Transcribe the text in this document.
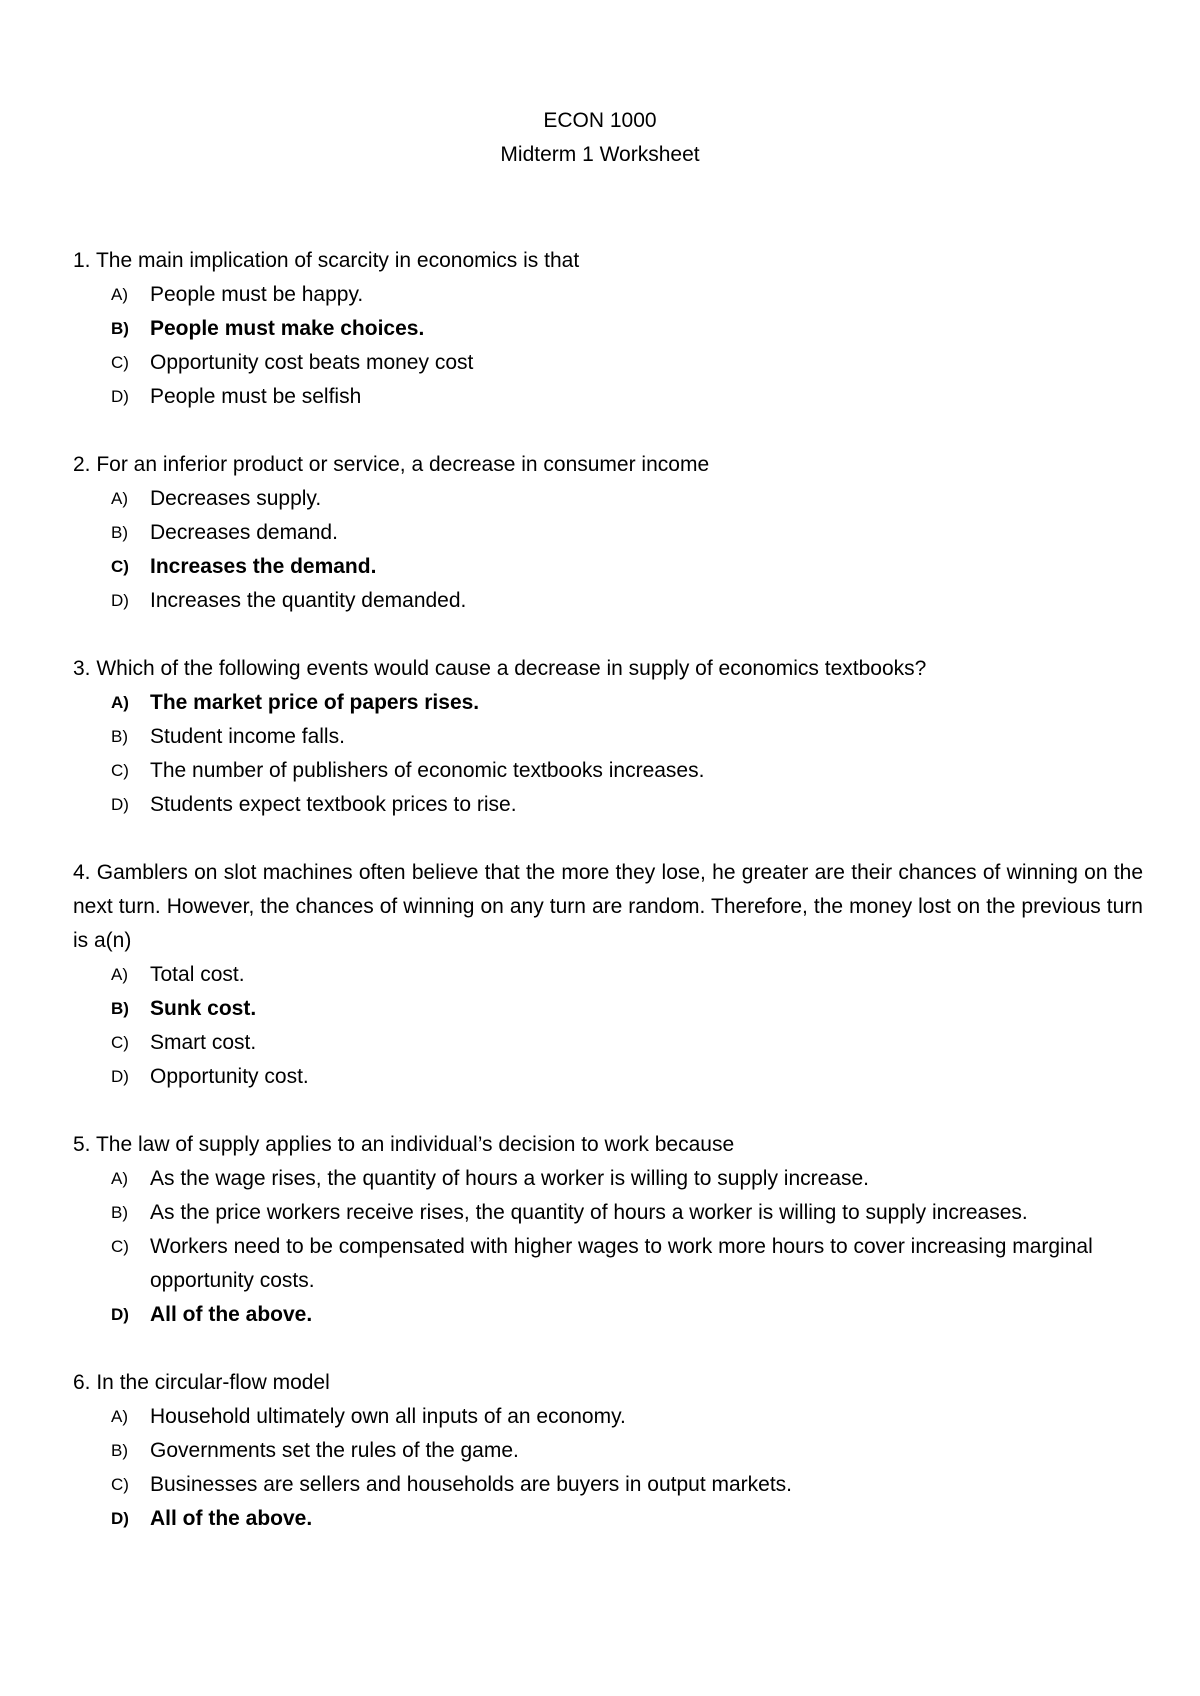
ECON 1000
Midterm 1 Worksheet

1. The main implication of scarcity in economics is that

A)	People must be happy.
B)	People must make choices.
C)	Opportunity cost beats money cost
D)	People must be selfish

2. For an inferior product or service, a decrease in consumer income

A)	Decreases supply.
B)	Decreases demand.
C)	Increases the demand.
D)	Increases the quantity demanded.

3. Which of the following events would cause a decrease in supply of economics textbooks?

A)	The market price of papers rises.
B)	Student income falls.
C)	The number of publishers of economic textbooks increases.
D)	Students expect textbook prices to rise.

4. Gamblers on slot machines often believe that the more they lose, he greater are their chances of winning on the next turn. However, the chances of winning on any turn are random. Therefore, the money lost on the previous turn is a(n)

A)	Total cost.
B)	Sunk cost.
C)	Smart cost.
D)	Opportunity cost.

5. The law of supply applies to an individual’s decision to work because

A)	As the wage rises, the quantity of hours a worker is willing to supply increase.
B)	As the price workers receive rises, the quantity of hours a worker is willing to supply increases.
C)	Workers need to be compensated with higher wages to work more hours to cover increasing marginal opportunity costs.
D)	All of the above.

6. In the circular-flow model

A)	Household ultimately own all inputs of an economy.
B)	Governments set the rules of the game.
C)	Businesses are sellers and households are buyers in output markets.
D)	All of the above.
